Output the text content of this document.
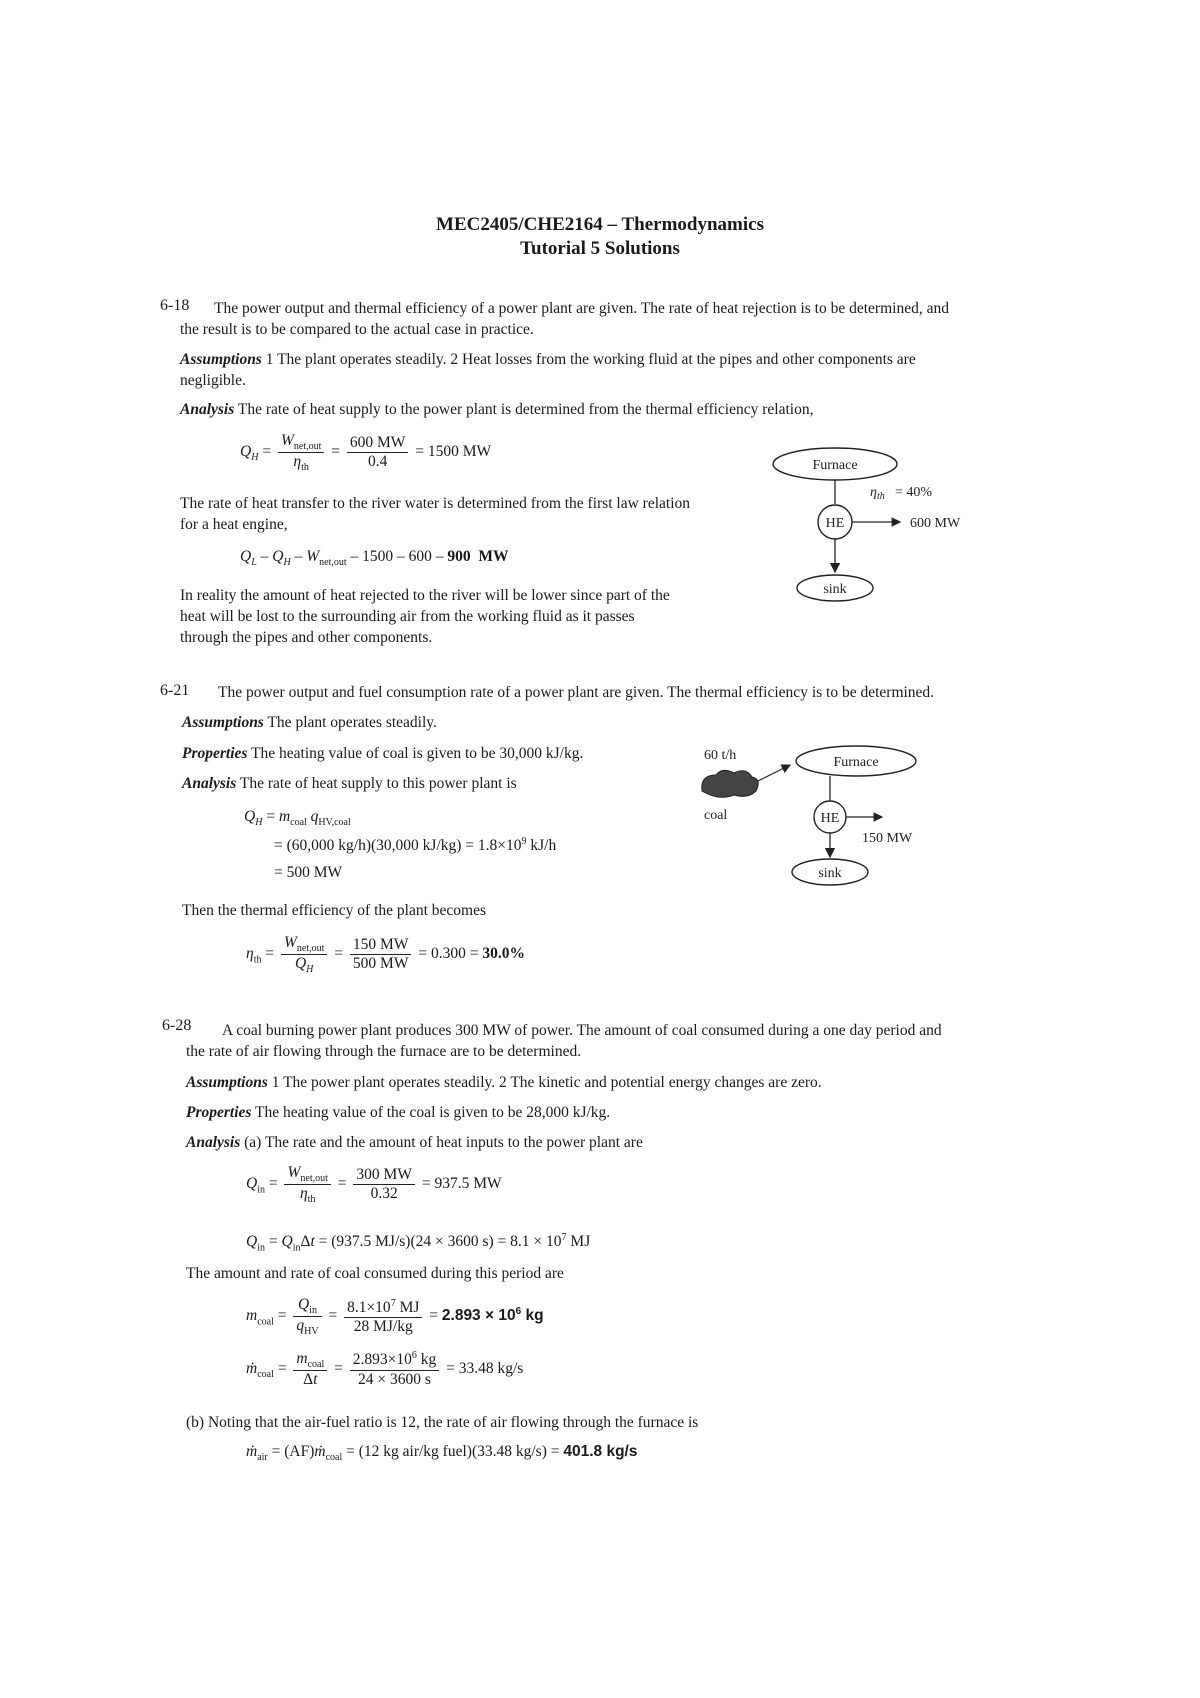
MEC2405/CHE2164 – Thermodynamics
Tutorial 5 Solutions
6-18 The power output and thermal efficiency of a power plant are given. The rate of heat rejection is to be determined, and
the result is to be compared to the actual case in practice.
Assumptions 1 The plant operates steadily. 2 Heat losses from the working fluid at the pipes and other components are
negligible.
Analysis The rate of heat supply to the power plant is determined from the thermal efficiency relation,
$Q_H = \frac{W_{net,out}}{\eta_{th}} = \frac{600 MW}{0.4} = 1500$ MW
The rate of heat transfer to the river water is determined from the first law relation
for a heat engine,
$Q_L - Q_H - W_{net,out} - 1500 - 600 - 900$ MW
In reality the amount of heat rejected to the river will be lower since part of the
heat will be lost to the surrounding air from the working fluid as it passes
through the pipes and other components.
Furnace
HE	600 MW
$\eta_{th} = 40\%$
sink
6-21 The power output and fuel consumption rate of a power plant are given. The thermal efficiency is to be determined.
Assumptions The plant operates steadily.
Properties The heating value of coal is given to be 30,000 kJ/kg.
Analysis The rate of heat supply to this power plant is
$Q_H = m_{coal}$ $q_{HV,coal}$
= (60,000 kg/h)(30,000 $kJ/kg) = 1.8\times 10^9$ kJ/h
= 500 MW
Then the thermal efficiency of the plant becomes
$\eta_{th} = \frac{W_{net,out}}{Q_H} = \frac{150 MW}{500 MW} = 0.300 = 30.0\%$
60 t/h
coal
Furnace
HE
150 MW
sink
6-28 A coal burning power plant produces 300 MW of power. The amount of coal consumed during a one day period and
the rate of air flowing through the furnace are to be determined.
Assumptions 1 The power plant operates steadily. 2 The kinetic and potential energy changes are zero.
Properties The heating value of the coal is given to be 28,000 kJ/kg.
Analysis (a) The rate and the amount of heat inputs to the power plant are
$Q_{in} = \frac{W_{net,out}}{\eta_{th}} = \frac{300 MW}{0.32} = 937.5$ MW
$Q_{in} = Q_{in}\Delta t = (937.5$ MJ/s)(24 × 3600 $s) = 8.1 \times 10^7$ MJ
The amount and rate of coal consumed during this period are
$m_{coal} = \frac{Q_{in}}{q_{HV}} = \frac{8.1\times 10^7 MJ}{28 MJ/kg} = 2.893 \times 10^6$ kg
ṁ$_{coal}$ = $\frac{m_{coal}}{\Delta t} = \frac{2.893\times 10^6 kg}{24 \times 3600 s} = 33.48$ kg/s
(b) Noting that the air-fuel ratio is 12, the rate of air flowing through the furnace is
ṁ$_{air}$ = (AF)ṁ$_{coal}$ = (12 kg air/kg fuel)(33.48 kg/s) = 401.8 kg/s
